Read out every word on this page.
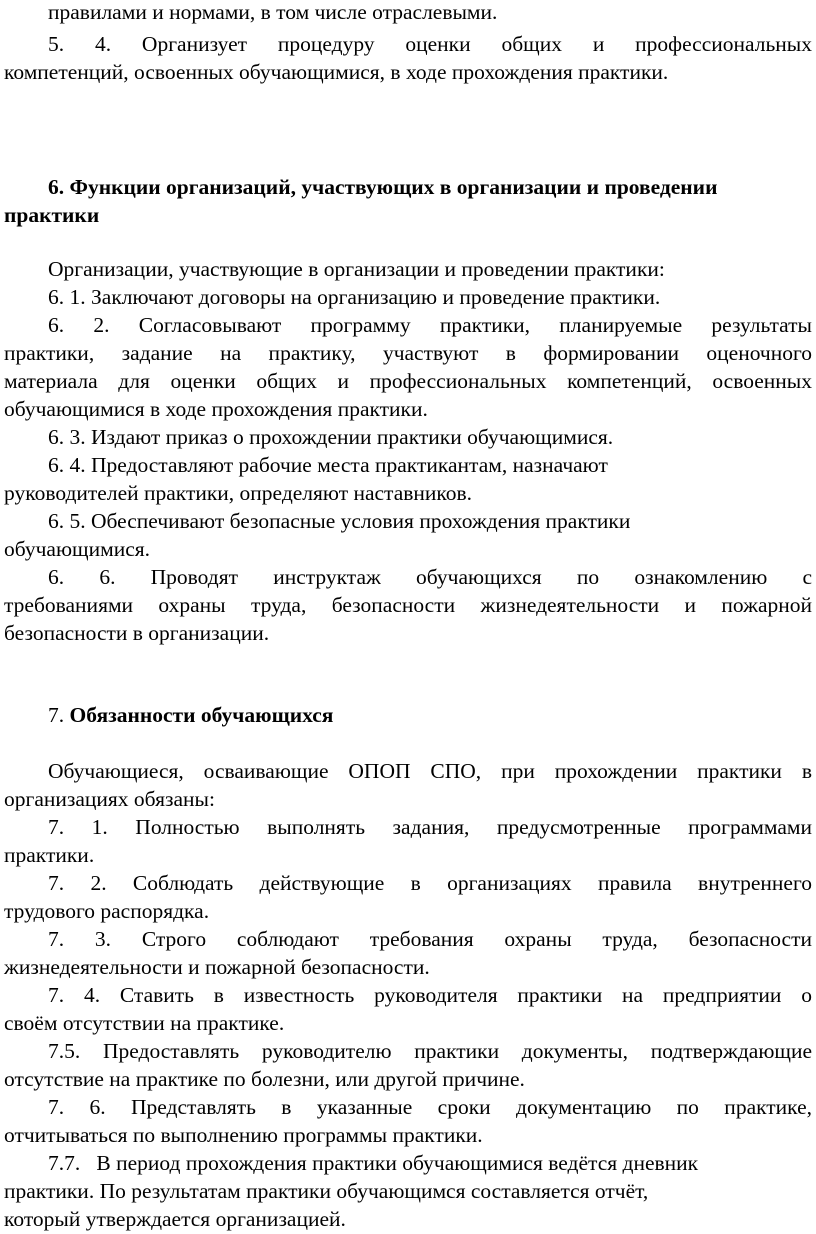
правилами и нормами, в том числе отраслевыми.
5. 4. Организует процедуру оценки общих и профессиональных
компетенций, освоенных обучающимися, в ходе прохождения практики.
6. Функции организаций, участвующих в организации и проведении
практики
Организации, участвующие в организации и проведении практики:
6. 1. Заключают договоры на организацию и проведение практики.
6. 2. Согласовывают программу практики, планируемые результаты
практики, задание на практику, участвуют в формировании оценочного
материала для оценки общих и профессиональных компетенций, освоенных
обучающимися в ходе прохождения практики.
6. 3. Издают приказ о прохождении практики обучающимися.
6. 4. Предоставляют рабочие места практикантам, назначают
руководителей практики, определяют наставников.
6. 5. Обеспечивают безопасные условия прохождения практики
обучающимися.
6. 6. Проводят инструктаж обучающихся по ознакомлению с
требованиями охраны труда, безопасности жизнедеятельности и пожарной
безопасности в организации.
7. Обязанности обучающихся
Обучающиеся, осваивающие ОПОП СПО, при прохождении практики в
организациях обязаны:
7. 1. Полностью выполнять задания, предусмотренные программами
практики.
7. 2. Соблюдать действующие в организациях правила внутреннего
трудового распорядка.
7. 3. Строго соблюдают требования охраны труда, безопасности
жизнедеятельности и пожарной безопасности.
7. 4. Ставить в известность руководителя практики на предприятии о
своём отсутствии на практике.
7.5. Предоставлять руководителю практики документы, подтверждающие
отсутствие на практике по болезни, или другой причине.
7. 6. Представлять в указанные сроки документацию по практике,
отчитываться по выполнению программы практики.
7.7.   В период прохождения практики обучающимися ведётся дневник
практики. По результатам практики обучающимся составляется отчёт,
который утверждается организацией.
